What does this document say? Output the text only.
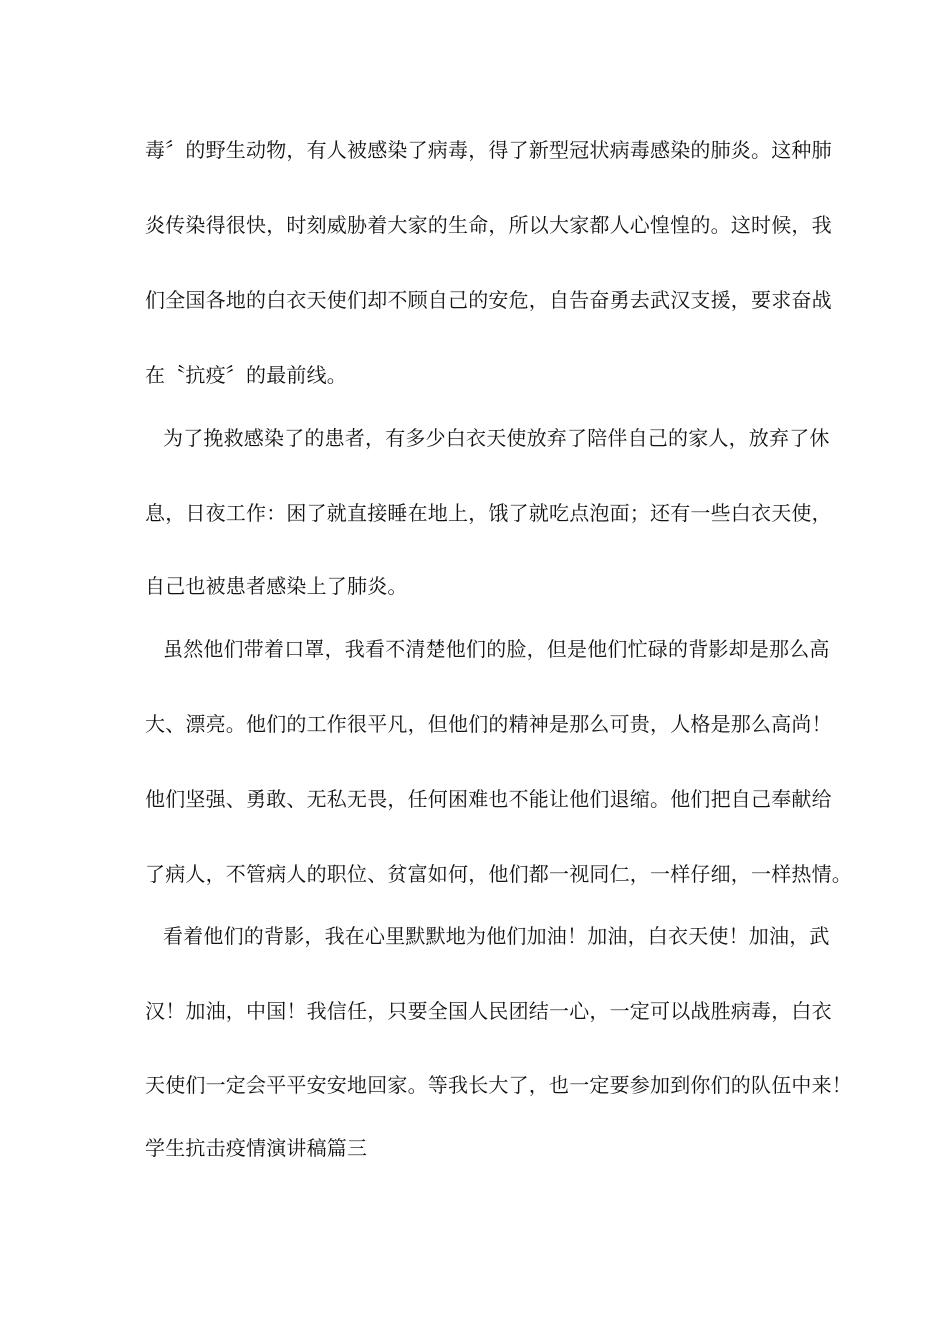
毒〞的野生动物，有人被感染了病毒，得了新型冠状病毒感染的肺炎。这种肺
炎传染得很快，时刻威胁着大家的生命，所以大家都人心惶惶的。这时候，我
们全国各地的白衣天使们却不顾自己的安危，自告奋勇去武汉支援，要求奋战
在〝抗疫〞的最前线。
为了挽救感染了的患者，有多少白衣天使放弃了陪伴自己的家人，放弃了休
息，日夜工作：困了就直接睡在地上，饿了就吃点泡面；还有一些白衣天使，
自己也被患者感染上了肺炎。
虽然他们带着口罩，我看不清楚他们的脸，但是他们忙碌的背影却是那么高
大、漂亮。他们的工作很平凡，但他们的精神是那么可贵，人格是那么高尚！
他们坚强、勇敢、无私无畏，任何困难也不能让他们退缩。他们把自己奉献给
了病人，不管病人的职位、贫富如何，他们都一视同仁，一样仔细，一样热情。
看着他们的背影，我在心里默默地为他们加油！加油，白衣天使！加油，武
汉！加油，中国！我信任，只要全国人民团结一心，一定可以战胜病毒，白衣
天使们一定会平平安安地回家。等我长大了，也一定要参加到你们的队伍中来！
学生抗击疫情演讲稿篇三
